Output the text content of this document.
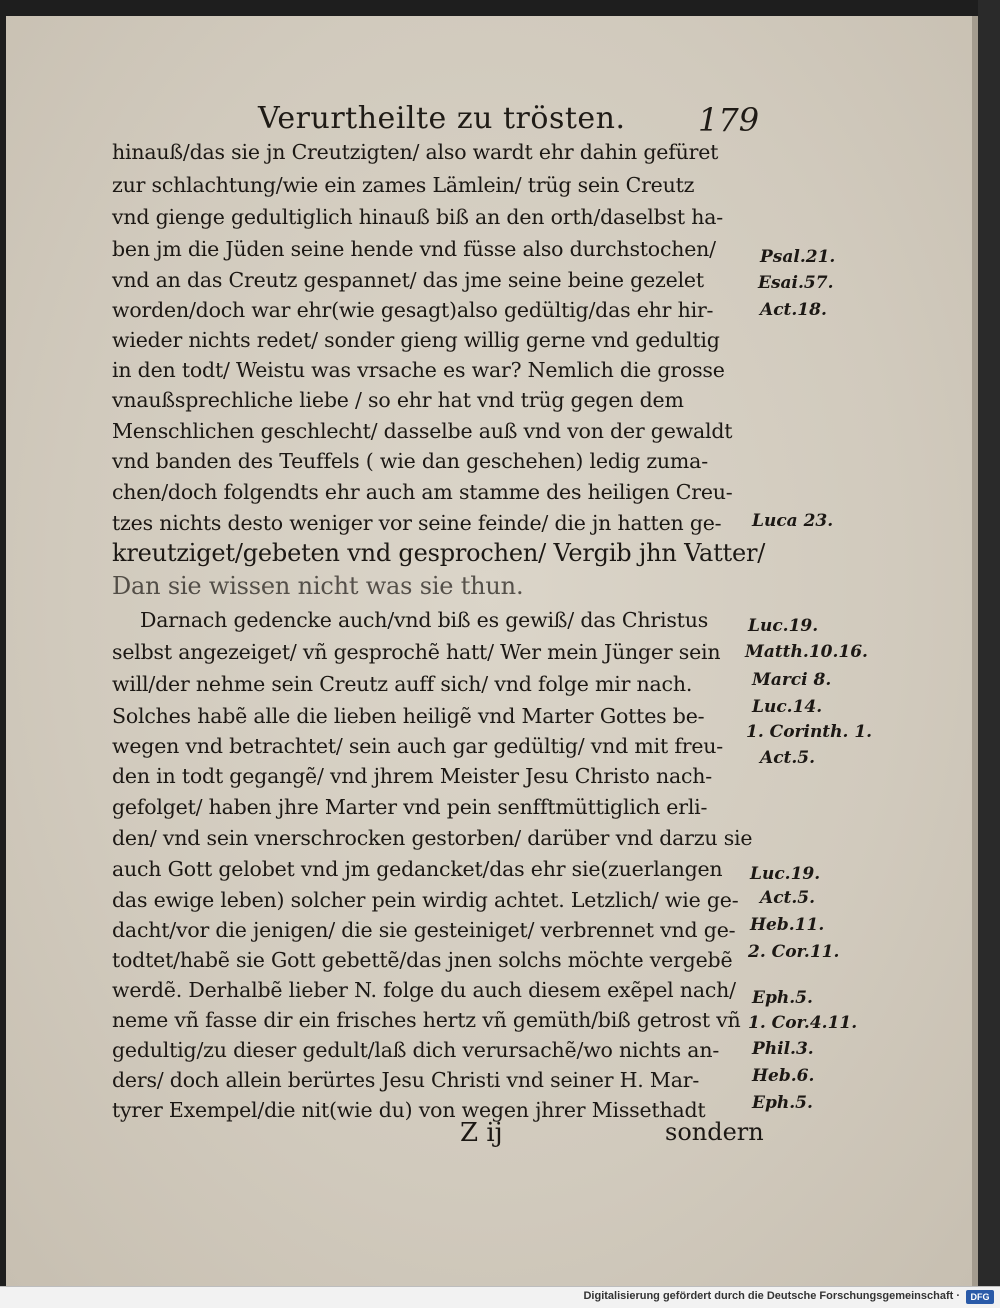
Verurtheilte zu trösten. 179
hinauß/das sie jn Creutzigten/ also wardt ehr dahin gefüret
zur schlachtung/wie ein zames Lämlein/ trüg sein Creutz
vnd gienge gedultiglich hinauß biß an den orth/daselbst ha-
ben jm die Jüden seine hende vnd füsse also durchstochen/
vnd an das Creutz gespannet/ das jme seine beine gezelet
worden/doch war ehr(wie gesagt)also gedültig/das ehr hir-
wieder nichts redet/ sonder gieng willig gerne vnd gedultig
in den todt/ Weistu was vrsache es war? Nemlich die grosse
vnaußsprechliche liebe / so ehr hat vnd trüg gegen dem
Menschlichen geschlecht/ dasselbe auß vnd von der gewaldt
vnd banden des Teuffels ( wie dan geschehen) ledig zuma-
chen/doch folgendts ehr auch am stamme des heiligen Creu-
tzes nichts desto weniger vor seine feinde/ die jn hatten ge-
kreutziget/gebeten vnd gesprochen/ Vergib jhn Vatter/
Dan sie wissen nicht was sie thun.
Darnach gedencke auch/vnd biß es gewiß/ das Christus
selbst angezeiget/ vñ gesprochẽ hatt/ Wer mein Jünger sein
will/der nehme sein Creutz auff sich/ vnd folge mir nach.
Solches habẽ alle die lieben heiligẽ vnd Marter Gottes be-
wegen vnd betrachtet/ sein auch gar gedültig/ vnd mit freu-
den in todt gegangẽ/ vnd jhrem Meister Jesu Christo nach-
gefolget/ haben jhre Marter vnd pein senfftmüttiglich erli-
den/ vnd sein vnerschrocken gestorben/ darüber vnd darzu sie
auch Gott gelobet vnd jm gedancket/das ehr sie(zuerlangen
das ewige leben) solcher pein wirdig achtet. Letzlich/ wie ge-
dacht/vor die jenigen/ die sie gesteiniget/ verbrennet vnd ge-
todtet/habẽ sie Gott gebettẽ/das jnen solchs möchte vergebẽ
werdẽ. Derhalbẽ lieber N. folge du auch diesem exẽpel nach/
neme vñ fasse dir ein frisches hertz vñ gemüth/biß getrost vñ
gedultig/zu dieser gedult/laß dich verursachẽ/wo nichts an-
ders/ doch allein berürtes Jesu Christi vnd seiner H. Mar-
tyrer Exempel/die nit(wie du) von wegen jhrer Missethadt
Psal.21.
Esai.57.
Act.18.
Luca 23.
Luc.19.
Matth.10.16.
Marci 8.
Luc.14.
1. Corinth. 1.
Act.5.
Luc.19.
Act.5.
Heb.11.
2. Cor.11.
Eph.5.
1. Cor.4.11.
Phil.3.
Heb.6.
Eph.5.
Z ij	sondern
Digitalisierung gefördert durch die Deutsche Forschungsgemeinschaft ·	DFG
